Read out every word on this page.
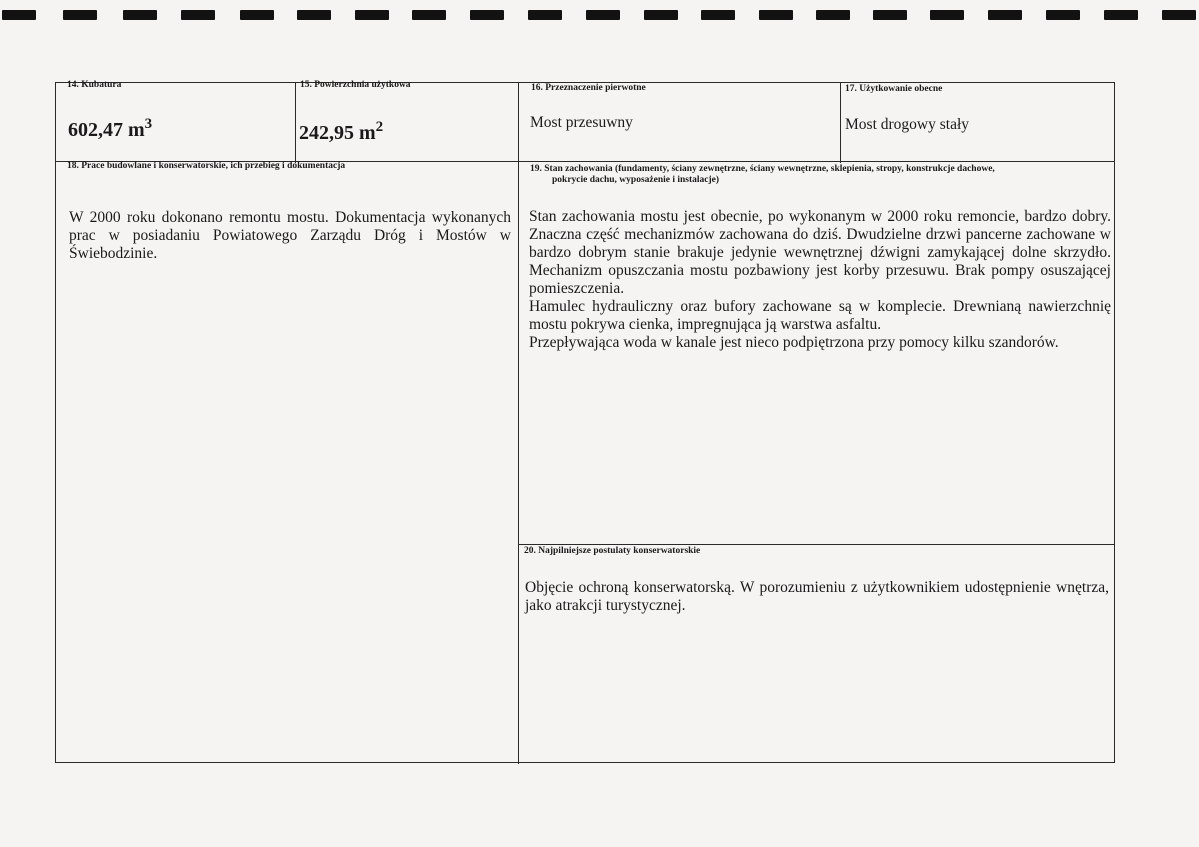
14. Kubatura
602,47 $m^3$
15. Powierzchnia użytkowa
242,95 $m^2$
16. Przeznaczenie pierwotne
Most przesuwny
17. Użytkowanie obecne
Most drogowy stały
18. Prace budowlane i konserwatorskie, ich przebieg i dokumentacja
W 2000 roku dokonano remontu mostu. Dokumentacja wykonanych prac w posiadaniu Powiatowego Zarządu Dróg i Mostów w Świebodzinie.
19. Stan zachowania (fundamenty, ściany zewnętrzne, ściany wewnętrzne, sklepienia, stropy, konstrukcje dachowe,
pokrycie dachu, wyposażenie i instalacje)

Stan zachowania mostu jest obecnie, po wykonanym w 2000 roku remoncie, bardzo dobry. Znaczna część mechanizmów zachowana do dziś. Dwudzielne drzwi pancerne zachowane w bardzo dobrym stanie brakuje jedynie wewnętrznej dźwigni zamykającej dolne skrzydło. Mechanizm opuszczania mostu pozbawiony jest korby przesuwu. Brak pompy osuszającej pomieszczenia.

Hamulec hydrauliczny oraz bufory zachowane są w komplecie. Drewnianą nawierzchnię mostu pokrywa cienka, impregnująca ją warstwa asfaltu.

Przepływająca woda w kanale jest nieco podpiętrzona przy pomocy kilku szandorów.

20. Najpilniejsze postulaty konserwatorskie
Objęcie ochroną konserwatorską. W porozumieniu z użytkownikiem udostępnienie wnętrza, jako atrakcji turystycznej.
